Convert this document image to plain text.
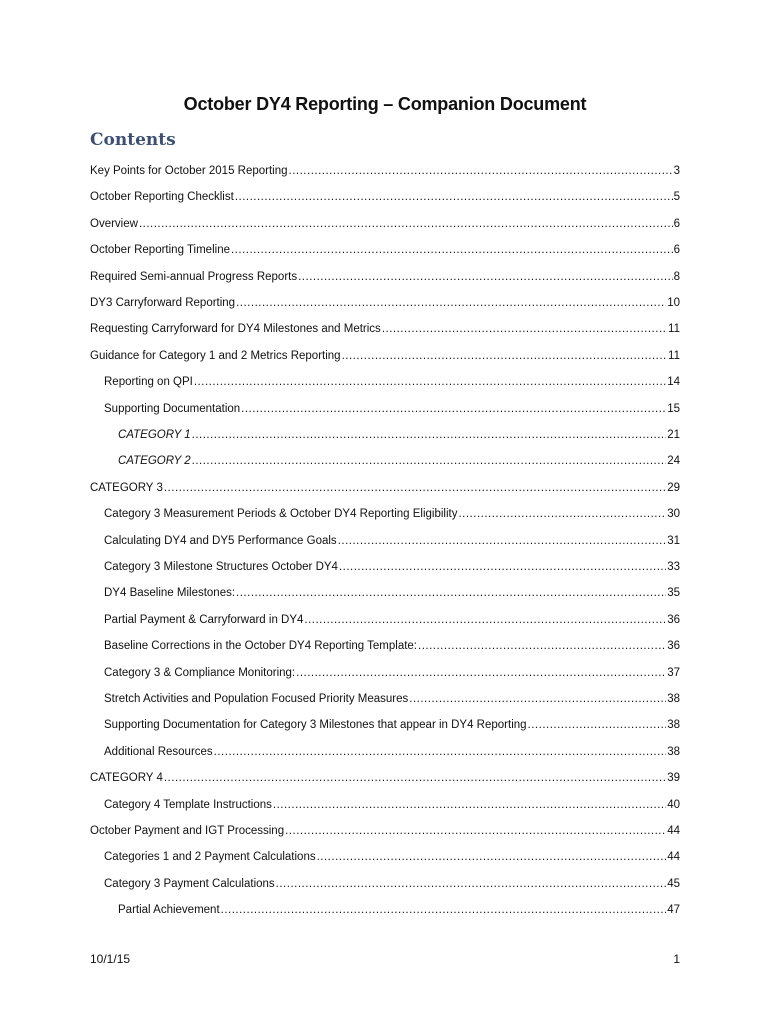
October DY4 Reporting – Companion Document
Contents
Key Points for October 2015 Reporting .....	3
October Reporting Checklist .....	5
Overview .....	6
October Reporting Timeline .....	6
Required Semi-annual Progress Reports .....	8
DY3 Carryforward Reporting .....	10
Requesting Carryforward for DY4 Milestones and Metrics .....	11
Guidance for Category 1 and 2 Metrics Reporting .....	11
Reporting on QPI .....	14
Supporting Documentation .....	15
CATEGORY 1 .....	21
CATEGORY 2 .....	24
CATEGORY 3 .....	29
Category 3 Measurement Periods & October DY4 Reporting Eligibility .....	30
Calculating DY4 and DY5 Performance Goals .....	31
Category 3 Milestone Structures October DY4 .....	33
DY4 Baseline Milestones: .....	35
Partial Payment & Carryforward in DY4 .....	36
Baseline Corrections in the October DY4 Reporting Template: .....	36
Category 3 & Compliance Monitoring: .....	37
Stretch Activities and Population Focused Priority Measures .....	38
Supporting Documentation for Category 3 Milestones that appear in DY4 Reporting .....	38
Additional Resources .....	38
CATEGORY 4 .....	39
Category 4 Template Instructions .....	40
October Payment and IGT Processing .....	44
Categories 1 and 2 Payment Calculations .....	44
Category 3 Payment Calculations .....	45
Partial Achievement .....	47
10/1/15	1
